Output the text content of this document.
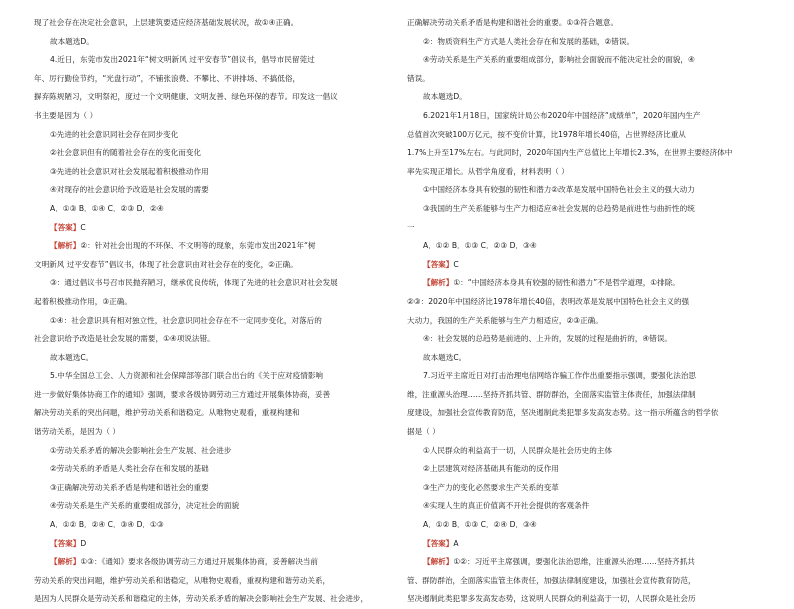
现了社会存在决定社会意识，上层建筑要适应经济基础发展状况，故①④正确。

故本题选D。

4.近日，东莞市发出2021年“树文明新风 过平安春节”倡议书，倡导市民留莞过

年、厉行勤俭节约，“光盘行动”，不铺张浪费、不攀比、不讲排场、不搞低俗，

摒弃陈规陋习，文明祭祀，度过一个文明健康、文明友善、绿色环保的春节。印发这一倡议

书主要是因为（ ）

①先进的社会意识同社会存在同步变化

②社会意识但有的随着社会存在的变化而变化

③先进的社会意识对社会发展起着积极推动作用

④对现存的社会意识给予改造是社会发展的需要

A．①③ B．①④ C．②③ D．②④

【答案】C

【解析】②：针对社会出现的不环保、不文明等的现象，东莞市发出2021年“树

文明新风 过平安春节”倡议书，体现了社会意识由对社会存在的变化，②正确。

③：通过倡议书号召市民抛弃陋习，继承优良传统，体现了先进的社会意识对社会发展

起着积极推动作用，③正确。

①④：社会意识具有相对独立性，社会意识同社会存在不一定同步变化，对落后的

社会意识给予改造是社会发展的需要，①④项说法错。

故本题选C。

5.中华全国总工会、人力资源和社会保障部等部门联合出台的《关于应对疫情影响

进一步做好集体协商工作的通知》强调，要求各级协调劳动三方通过开展集体协商，妥善

解决劳动关系的突出问题，维护劳动关系和谐稳定。从唯物史观看，重视构建和

谐劳动关系，是因为（ ）

①劳动关系矛盾的解决会影响社会生产发展、社会进步

②劳动关系的矛盾是人类社会存在和发展的基础

③正确解决劳动关系矛盾是构建和谐社会的重要

④劳动关系是生产关系的重要组成部分，决定社会的面貌

A．①② B．②④ C．③④ D．①③

【答案】D

【解析】①③：《通知》要求各级协调劳动三方通过开展集体协商，妥善解决当前

劳动关系的突出问题，维护劳动关系和谐稳定，从唯物史观看，重视构建和谐劳动关系，

是因为人民群众是劳动关系和谐稳定的主体，劳动关系矛盾的解决会影响社会生产发展、社会进步，

正确解决劳动关系矛盾是构建和谐社会的重要。①③符合题意。

②：物质资料生产方式是人类社会存在和发展的基础，②错误。

④劳动关系是生产关系的重要组成部分，影响社会面貌而不能决定社会的面貌，④

错误。

故本题选D。

6.2021年1月18日，国家统计局公布2020年中国经济“成绩单”，2020年国内生产

总值首次突破100万亿元，按不变价计算，比1978年增长40倍，占世界经济比重从

1.7%上升至17%左右。与此同时，2020年国内生产总值比上年增长2.3%，在世界主要经济体中

率先实现正增长。从哲学角度看，材料表明（ ）

①中国经济本身具有较强的韧性和潜力②改革是发展中国特色社会主义的强大动力

③我国的生产关系能够与生产力相适应④社会发展的总趋势是前进性与曲折性的统

一

A．①② B．①③ C．②③ D．③④

【答案】C

【解析】①：“中国经济本身具有较强的韧性和潜力”不是哲学道理，①排除。

②③：2020年中国经济比1978年增长40倍，表明改革是发展中国特色社会主义的强

大动力，我国的生产关系能够与生产力相适应，②③正确。

④：社会发展的总趋势是前进的、上升的，发展的过程是曲折的，④错误。

故本题选C。

7.习近平主席近日对打击治理电信网络诈骗工作作出重要指示强调，要强化法治思

维，注重源头治理……坚持齐抓共管、群防群治，全面落实监管主体责任，加强法律制

度建设，加强社会宣传教育防范，坚决遏制此类犯罪多发高发态势。这一指示所蕴含的哲学依

据是（ ）

①人民群众的利益高于一切，人民群众是社会历史的主体

②上层建筑对经济基础具有能动的反作用

③生产力的变化必然要求生产关系的变革

④实现人生的真正价值离不开社会提供的客观条件

A．①② B．①③ C．②④ D．③④

【答案】A

【解析】①②：习近平主席强调，要强化法治思维，注重源头治理……坚持齐抓共

管、群防群治，全面落实监管主体责任，加强法律制度建设，加强社会宣传教育防范，

坚决遏制此类犯罪多发高发态势，这说明人民群众的利益高于一切，人民群众是社会历
